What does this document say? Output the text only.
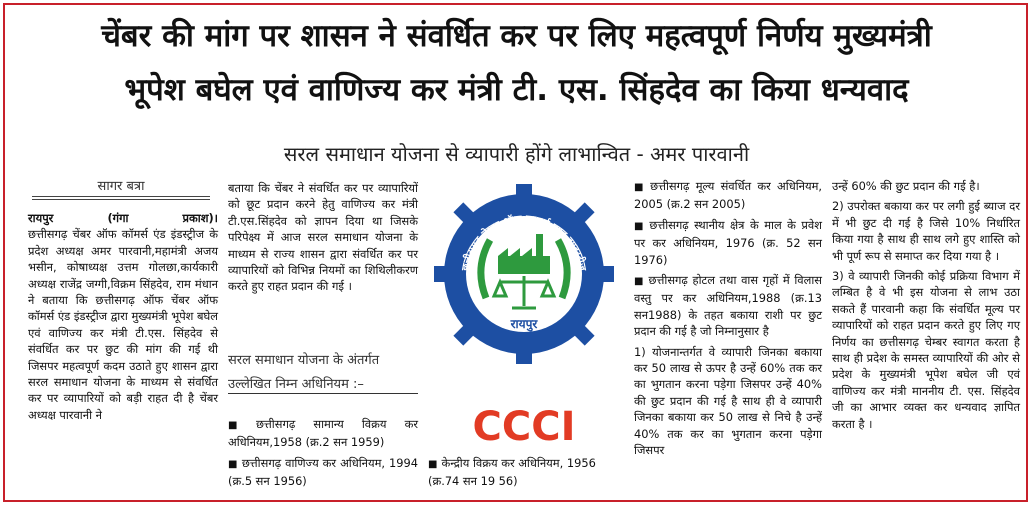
चेंबर की मांग पर शासन ने संवर्धित कर पर लिए महत्वपूर्ण निर्णय मुख्यमंत्री
भूपेश बघेल एवं वाणिज्य कर मंत्री टी. एस. सिंहदेव का किया धन्यवाद
सरल समाधान योजना से व्यापारी होंगे लाभान्वित - अमर पारवानी
सागर बत्रा

रायपुर (गंगा प्रकाश)।

छत्तीसगढ़ चेंबर ऑफ कॉमर्स एंड इंडस्ट्रीज के प्रदेश अध्यक्ष अमर पारवानी,महामंत्री अजय भसीन, कोषाध्यक्ष उत्तम गोलछा,कार्यकारी अध्यक्ष राजेंद्र जग्गी,विक्रम सिंहदेव, राम मंधान ने बताया कि छत्तीसगढ़ ऑफ चेंबर ऑफ कॉमर्स एंड इंडस्ट्रीज द्वारा मुख्यमंत्री भूपेश बघेल एवं वाणिज्य कर मंत्री टी.एस. सिंहदेव से संवर्धित कर पर छुट की मांग की गई थी जिसपर महत्वपूर्ण कदम उठाते हुए शासन द्वारा सरल समाधान योजना के माध्यम से संवर्धित कर पर व्यापारियों को बड़ी राहत दी है चेंबर अध्यक्ष पारवानी ने

बताया कि चेंबर ने संवर्धित कर पर व्यापारियों को छूट प्रदान करने हेतु वाणिज्य कर मंत्री टी.एस.सिंहदेव को ज्ञापन दिया था जिसके परिपेक्ष्य में आज सरल समाधान योजना के माध्यम से राज्य शासन द्वारा संवर्धित कर पर व्यापारियों को विभिन्न नियमों का शिथिलीकरण करते हुए राहत प्रदान की गई ।

सरल समाधान योजना के अंतर्गत
उल्लेखित निम्न अधिनियम :–

■ छत्तीसगढ़ सामान्य विक्रय कर अधिनियम,1958 (क्र.2 सन 1959)

■ छत्तीसगढ़ वाणिज्य कर अधिनियम, 1994 (क्र.5 सन 1956)

छत्तीसगढ़ चेम्बर ऑफ कामर्स एण्ड इण्डस्ट्रीज
रायपुर
CCCI
■ केन्द्रीय विक्रय कर अधिनियम, 1956 (क्र.74 सन 19 56)

■ छत्तीसगढ़ मूल्य संवर्धित कर अधिनियम, 2005 (क्र.2 सन 2005)

■ छत्तीसगढ़ स्थानीय क्षेत्र के माल के प्रवेश पर कर अधिनियम, 1976 (क्र. 52 सन 1976)

■ छत्तीसगढ़ होटल तथा वास गृहों में विलास वस्तु पर कर अधिनियम,1988 (क्र.13 सन1988) के तहत बकाया राशी पर छुट प्रदान की गई है जो निम्नानुसार है

1) योजनान्तर्गत वे व्यापारी जिनका बकाया कर 50 लाख से ऊपर है उन्हें 60% तक कर का भुगतान करना पड़ेगा जिसपर उन्हें 40% की छुट प्रदान की गई है साथ ही वे व्यापारी जिनका बकाया कर 50 लाख से निचे है उन्हें 40% तक कर का भुगतान करना पड़ेगा जिसपर

उन्हें 60% की छुट प्रदान की गई है।

2) उपरोक्त बकाया कर पर लगी हुई ब्याज दर में भी छुट दी गई है जिसे 10% निर्धारित किया गया है साथ ही साथ लगे हुए शास्ति को भी पूर्ण रूप से समाप्त कर दिया गया है ।

3) वे व्यापारी जिनकी कोई प्रक्रिया विभाग में लम्बित है वे भी इस योजना से लाभ उठा सकते हैं पारवानी कहा कि संवर्धित मूल्य पर व्यापारियों को राहत प्रदान करते हुए लिए गए निर्णय का छत्तीसगढ़ चेम्बर स्वागत करता है साथ ही प्रदेश के समस्त व्यापारियों की ओर से प्रदेश के मुख्यमंत्री भूपेश बघेल जी एवं वाणिज्य कर मंत्री माननीय टी. एस. सिंहदेव जी का आभार व्यक्त कर धन्यवाद ज्ञापित करता है ।
